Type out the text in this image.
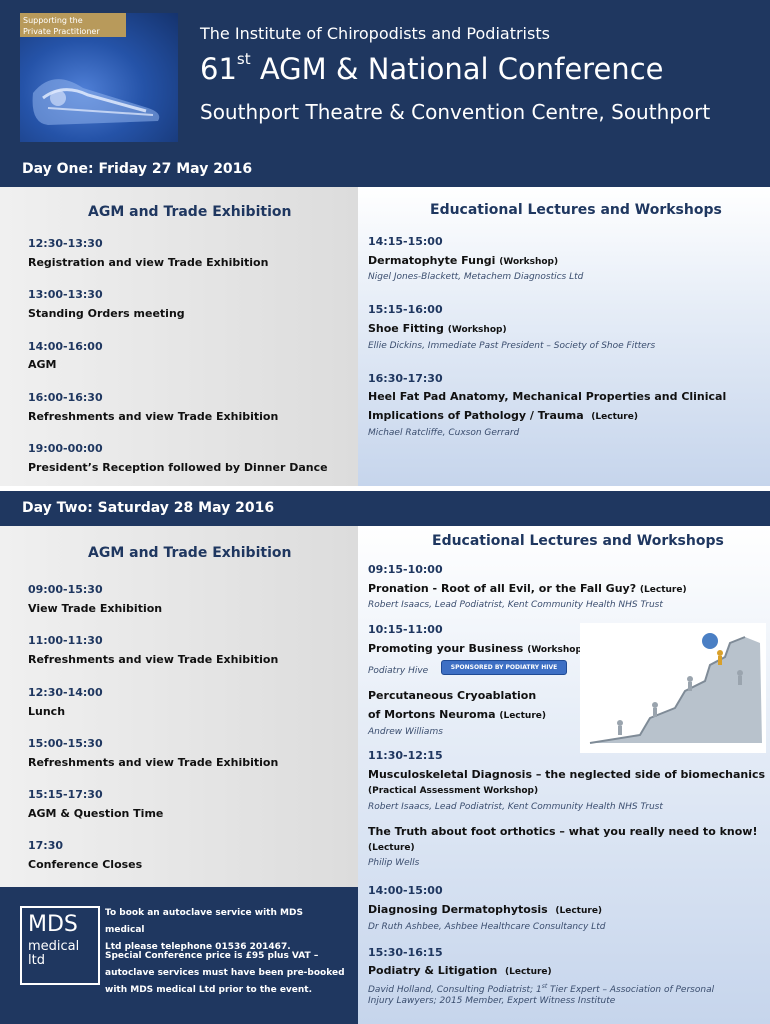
Supporting the
Private Practitioner	The Institute of Chiropodists and Podiatrists
61st AGM & National Conference
Southport Theatre & Convention Centre, Southport
Day One: Friday 27 May 2016
AGM and Trade Exhibition	Educational Lectures and Workshops
12:30-13:30
Registration and view Trade Exhibition
13:00-13:30
Standing Orders meeting
14:00-16:00
AGM
16:00-16:30
Refreshments and view Trade Exhibition
19:00-00:00
President’s Reception followed by Dinner Dance
14:15-15:00
Dermatophyte Fungi (Workshop)
Nigel Jones-Blackett, Metachem Diagnostics Ltd
15:15-16:00
Shoe Fitting (Workshop)
Ellie Dickins, Immediate Past President – Society of Shoe Fitters
16:30-17:30
Heel Fat Pad Anatomy, Mechanical Properties and Clinical
Implications of Pathology / Trauma (Lecture)
Michael Ratcliffe, Cuxson Gerrard
Day Two: Saturday 28 May 2016
AGM and Trade Exhibition
Educational Lectures and Workshops
09:00-15:30
View Trade Exhibition
11:00-11:30
Refreshments and view Trade Exhibition
12:30-14:00
Lunch
15:00-15:30
Refreshments and view Trade Exhibition
15:15-17:30
AGM & Question Time
17:30
Conference Closes
09:15-10:00
Pronation - Root of all Evil, or the Fall Guy? (Lecture)
Robert Isaacs, Lead Podiatrist, Kent Community Health NHS Trust
10:15-11:00
Promoting your Business (Workshop)
Podiatry Hive	SPONSORED BY PODIATRY HIVE
Percutaneous Cryoablation
of Mortons Neuroma (Lecture)
Andrew Williams
11:30-12:15
Musculoskeletal Diagnosis – the neglected side of biomechanics
(Practical Assessment Workshop)
Robert Isaacs, Lead Podiatrist, Kent Community Health NHS Trust
The Truth about foot orthotics – what you really need to know!
(Lecture)
Philip Wells
14:00-15:00
Diagnosing Dermatophytosis (Lecture)
Dr Ruth Ashbee, Ashbee Healthcare Consultancy Ltd
15:30-16:15
Podiatry & Litigation (Lecture)
David Holland, Consulting Podiatrist; 1st Tier Expert – Association of Personal
Injury Lawyers; 2015 Member, Expert Witness Institute
MDS
medical
ltd
To book an autoclave service with MDS medical
Ltd please telephone 01536 201467.
Special Conference price is £95 plus VAT –
autoclave services must have been pre-booked
with MDS medical Ltd prior to the event.
